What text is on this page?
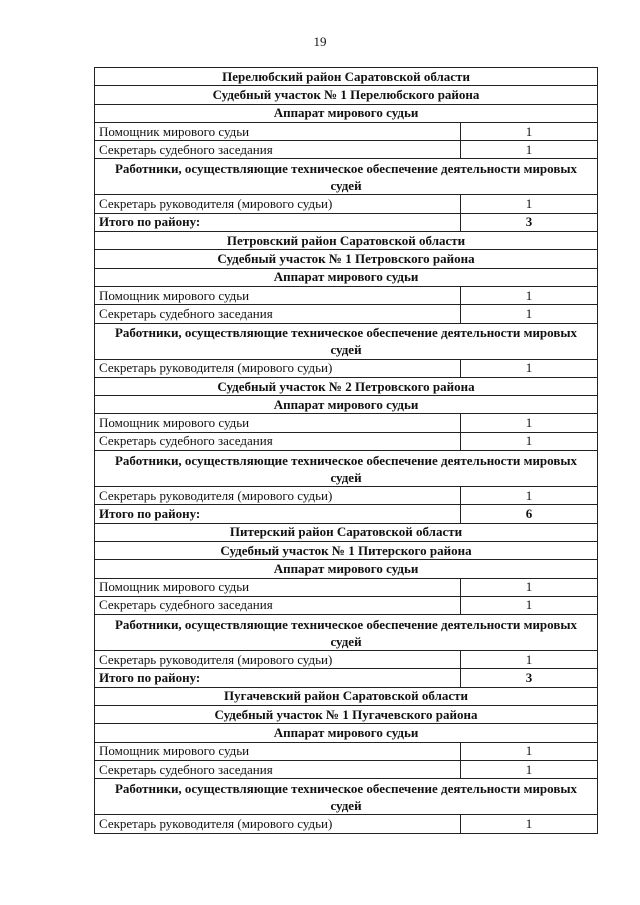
19
Перелюбский район Саратовской области	
Судебный участок № 1 Перелюбского района	
Аппарат мирового судьи	
Помощник мирового судьи	1
Секретарь судебного заседания	1
Работники, осуществляющие техническое обеспечение деятельности мировых судей	
Секретарь руководителя (мирового судьи)	1
Итого по району:	3
Петровский район Саратовской области	
Судебный участок № 1 Петровского района	
Аппарат мирового судьи	
Помощник мирового судьи	1
Секретарь судебного заседания	1
Работники, осуществляющие техническое обеспечение деятельности мировых судей	
Секретарь руководителя (мирового судьи)	1
Судебный участок № 2 Петровского района	
Аппарат мирового судьи	
Помощник мирового судьи	1
Секретарь судебного заседания	1
Работники, осуществляющие техническое обеспечение деятельности мировых судей	
Секретарь руководителя (мирового судьи)	1
Итого по району:	6
Питерский район Саратовской области	
Судебный участок № 1 Питерского района	
Аппарат мирового судьи	
Помощник мирового судьи	1
Секретарь судебного заседания	1
Работники, осуществляющие техническое обеспечение деятельности мировых судей	
Секретарь руководителя (мирового судьи)	1
Итого по району:	3
Пугачевский район Саратовской области	
Судебный участок № 1 Пугачевского района	
Аппарат мирового судьи	
Помощник мирового судьи	1
Секретарь судебного заседания	1
Работники, осуществляющие техническое обеспечение деятельности мировых судей	
Секретарь руководителя (мирового судьи)	1
